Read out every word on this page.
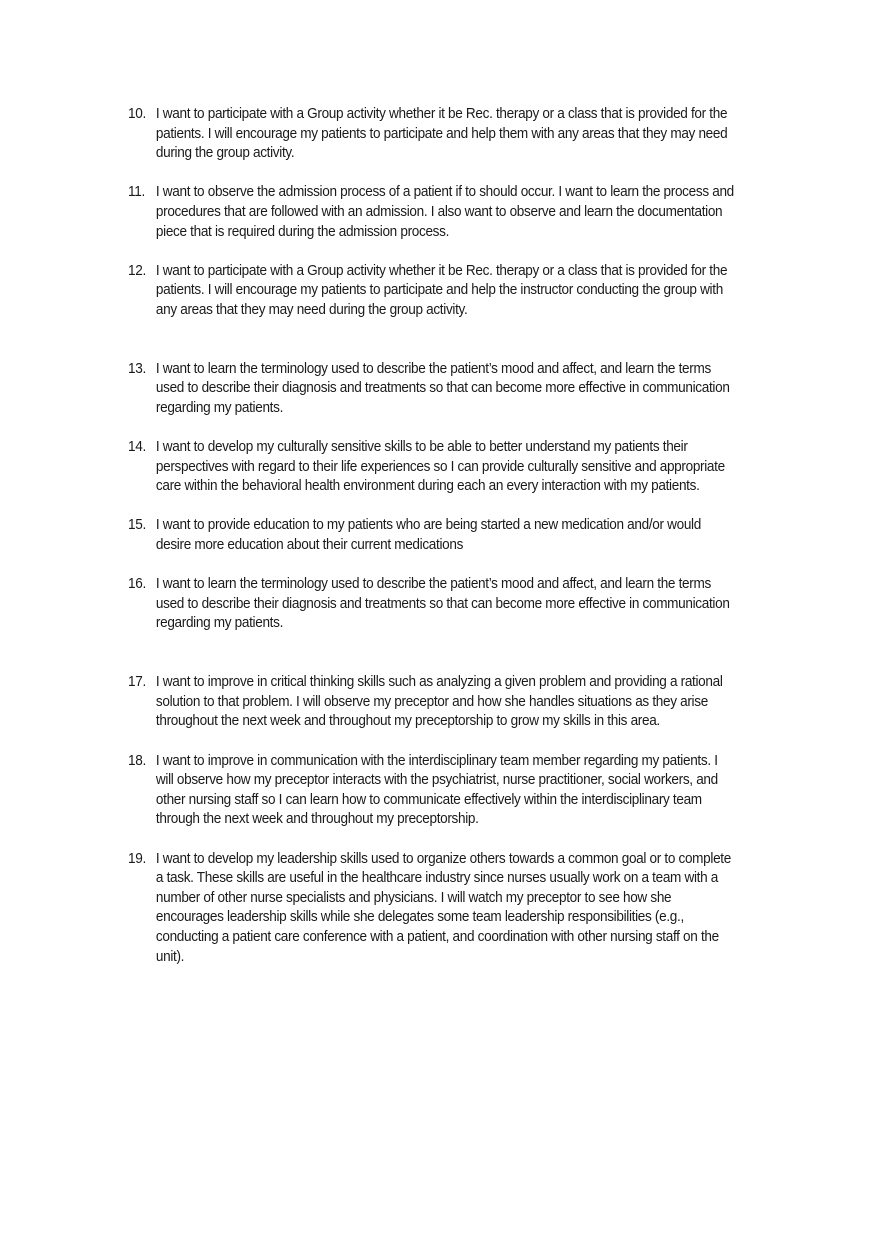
10. I want to participate with a Group activity whether it be Rec. therapy or a class that is provided for the patients. I will encourage my patients to participate and help them with any areas that they may need during the group activity.
11. I want to observe the admission process of a patient if to should occur. I want to learn the process and procedures that are followed with an admission. I also want to observe and learn the documentation piece that is required during the admission process.
12. I want to participate with a Group activity whether it be Rec. therapy or a class that is provided for the patients. I will encourage my patients to participate and help the instructor conducting the group with any areas that they may need during the group activity.
13. I want to learn the terminology used to describe the patient’s mood and affect, and learn the terms used to describe their diagnosis and treatments so that can become more effective in communication regarding my patients.
14. I want to develop my culturally sensitive skills to be able to better understand my patients their perspectives with regard to their life experiences so I can provide culturally sensitive and appropriate care within the behavioral health environment during each an every interaction with my patients.
15. I want to provide education to my patients who are being started a new medication and/or would desire more education about their current medications
16. I want to learn the terminology used to describe the patient’s mood and affect, and learn the terms used to describe their diagnosis and treatments so that can become more effective in communication regarding my patients.
17. I want to improve in critical thinking skills such as analyzing a given problem and providing a rational solution to that problem. I will observe my preceptor and how she handles situations as they arise throughout the next week and throughout my preceptorship to grow my skills in this area.
18. I want to improve in communication with the interdisciplinary team member regarding my patients. I will observe how my preceptor interacts with the psychiatrist, nurse practitioner, social workers, and other nursing staff so I can learn how to communicate effectively within the interdisciplinary team through the next week and throughout my preceptorship.
19. I want to develop my leadership skills used to organize others towards a common goal or to complete a task. These skills are useful in the healthcare industry since nurses usually work on a team with a number of other nurse specialists and physicians. I will watch my preceptor to see how she encourages leadership skills while she delegates some team leadership responsibilities (e.g., conducting a patient care conference with a patient, and coordination with other nursing staff on the unit).
